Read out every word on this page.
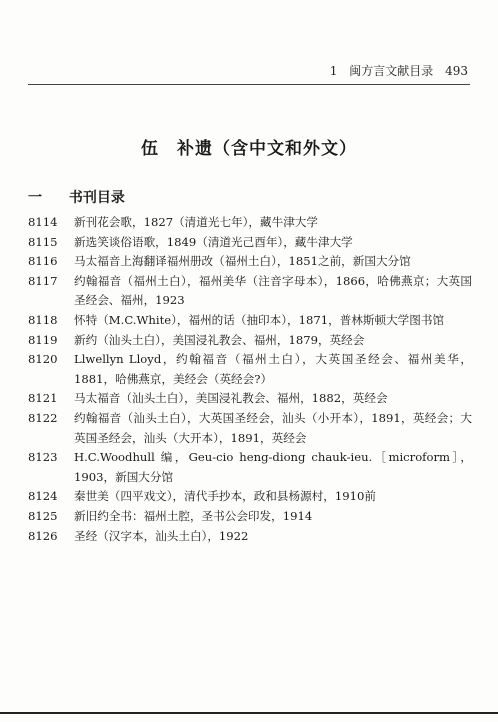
1 闽方言文献目录 493
伍　补遗（含中文和外文）
一 书刊目录
8114	新刊花会歌，1827（清道光七年），藏牛津大学
8115	新选笑谈俗语歌，1849（清道光己酉年），藏牛津大学
8116	马太福音上海翻译福州册改（福州土白），1851之前，新国大分馆
8117	约翰福音（福州土白），福州美华（注音字母本），1866，哈佛燕京；大英国圣经会、福州，1923
8118	怀特（M.C.White），福州的话（抽印本），1871，普林斯顿大学图书馆
8119	新约（汕头土白），美国浸礼教会、福州，1879，英经会
8120	Llwellyn Lloyd，约翰福音（福州土白），大英国圣经会、福州美华，1881，哈佛燕京，美经会（英经会?）
8121	马太福音（汕头土白），美国浸礼教会、福州，1882，英经会
8122	约翰福音（汕头土白），大英国圣经会，汕头（小开本），1891，英经会；大英国圣经会，汕头（大开本），1891，英经会
8123	H.C.Woodhull 编，Geu-cio heng-diong chauk-ieu.［microform］，1903，新国大分馆
8124	秦世美（四平戏文），清代手抄本，政和县杨源村，1910前
8125	新旧约全书：福州土腔，圣书公会印发，1914
8126	圣经（汉字本，汕头土白），1922
